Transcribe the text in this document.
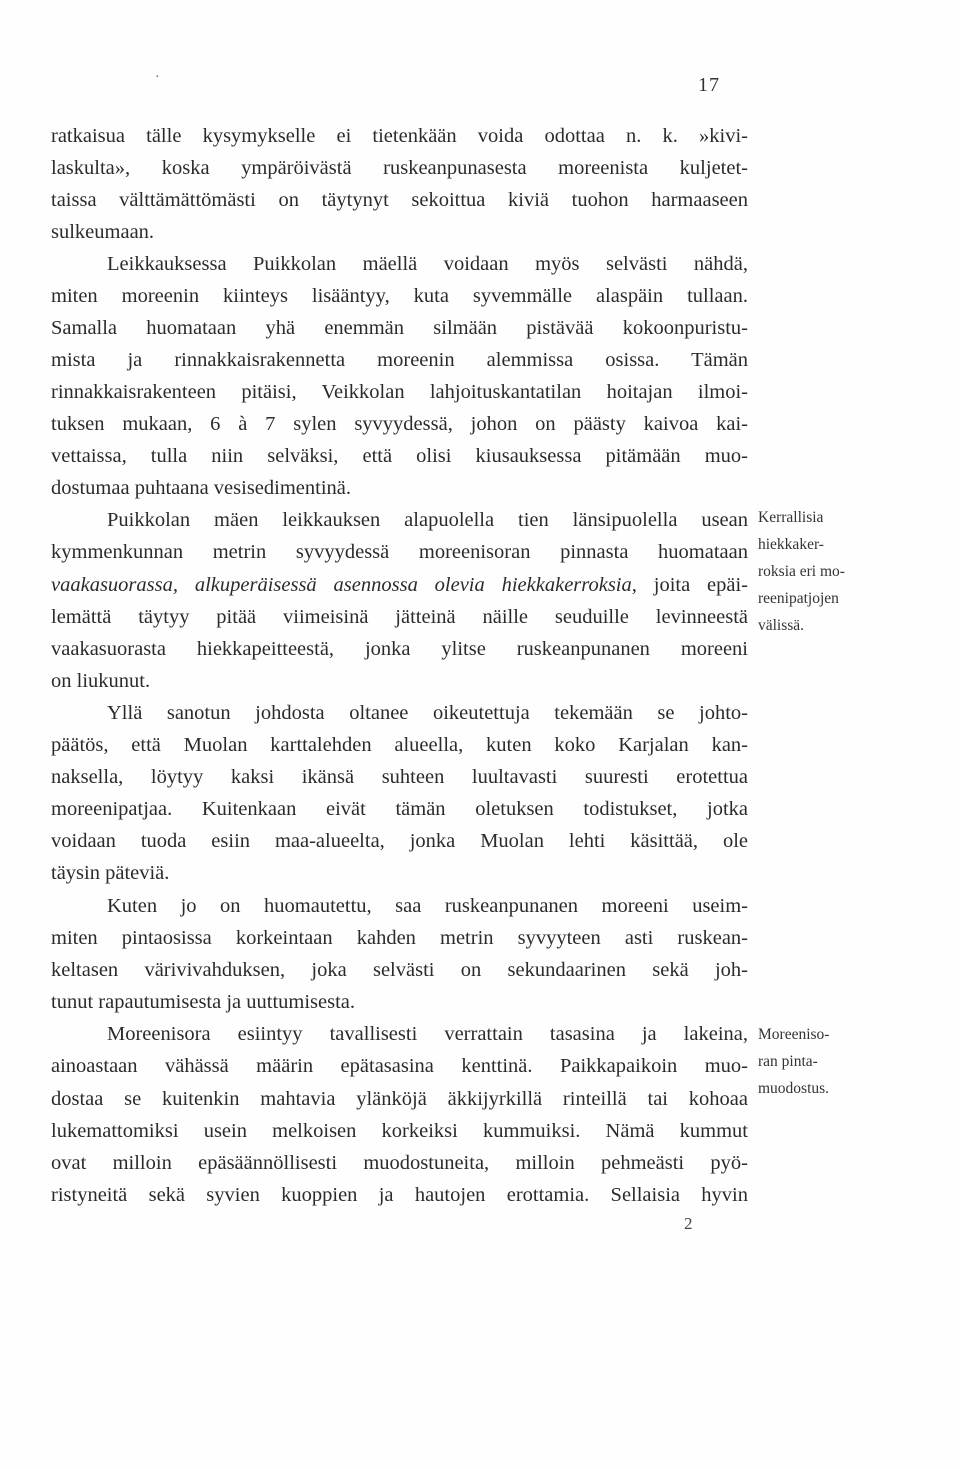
·	17
ratkaisua tälle kysymykselle ei tietenkään voida odottaa n. k. »kivi-
laskulta», koska ympäröivästä ruskeanpunasesta moreenista kuljetet-
taissa välttämättömästi on täytynyt sekoittua kiviä tuohon harmaaseen
sulkeumaan.
Leikkauksessa Puikkolan mäellä voidaan myös selvästi nähdä,
miten moreenin kiinteys lisääntyy, kuta syvemmälle alaspäin tullaan.
Samalla huomataan yhä enemmän silmään pistävää kokoonpuristu-
mista ja rinnakkaisrakennetta moreenin alemmissa osissa. Tämän
rinnakkaisrakenteen pitäisi, Veikkolan lahjoituskantatilan hoitajan ilmoi-
tuksen mukaan, 6 à 7 sylen syvyydessä, johon on päästy kaivoa kai-
vettaissa, tulla niin selväksi, että olisi kiusauksessa pitämään muo-
dostumaa puhtaana vesisedimentinä.
Puikkolan mäen leikkauksen alapuolella tien länsipuolella usean
kymmenkunnan metrin syvyydessä moreenisoran pinnasta huomataan
vaakasuorassa, alkuperäisessä asennossa olevia hiekkakerroksia, joita epäi-
lemättä täytyy pitää viimeisinä jätteinä näille seuduille levinneestä
vaakasuorasta hiekkapeitteestä, jonka ylitse ruskeanpunanen moreeni
on liukunut.
Yllä sanotun johdosta oltanee oikeutettuja tekemään se johto-
päätös, että Muolan karttalehden alueella, kuten koko Karjalan kan-
naksella, löytyy kaksi ikänsä suhteen luultavasti suuresti erotettua
moreenipatjaa. Kuitenkaan eivät tämän oletuksen todistukset, jotka
voidaan tuoda esiin maa-alueelta, jonka Muolan lehti käsittää, ole
täysin päteviä.
Kuten jo on huomautettu, saa ruskeanpunanen moreeni useim-
miten pintaosissa korkeintaan kahden metrin syvyyteen asti ruskean-
keltasen värivivahduksen, joka selvästi on sekundaarinen sekä joh-
tunut rapautumisesta ja uuttumisesta.
Moreenisora esiintyy tavallisesti verrattain tasasina ja lakeina,
ainoastaan vähässä määrin epätasasina kenttinä. Paikkapaikoin muo-
dostaa se kuitenkin mahtavia ylänköjä äkkijyrkillä rinteillä tai kohoaa
lukemattomiksi usein melkoisen korkeiksi kummuiksi. Nämä kummut
ovat milloin epäsäännöllisesti muodostuneita, milloin pehmeästi pyö-
ristyneitä sekä syvien kuoppien ja hautojen erottamia. Sellaisia hyvin
Kerrallisia
hiekkaker-
roksia eri mo-
reenipatjojen
välissä.
Moreeniso-
ran pinta-
muodostus.
2
